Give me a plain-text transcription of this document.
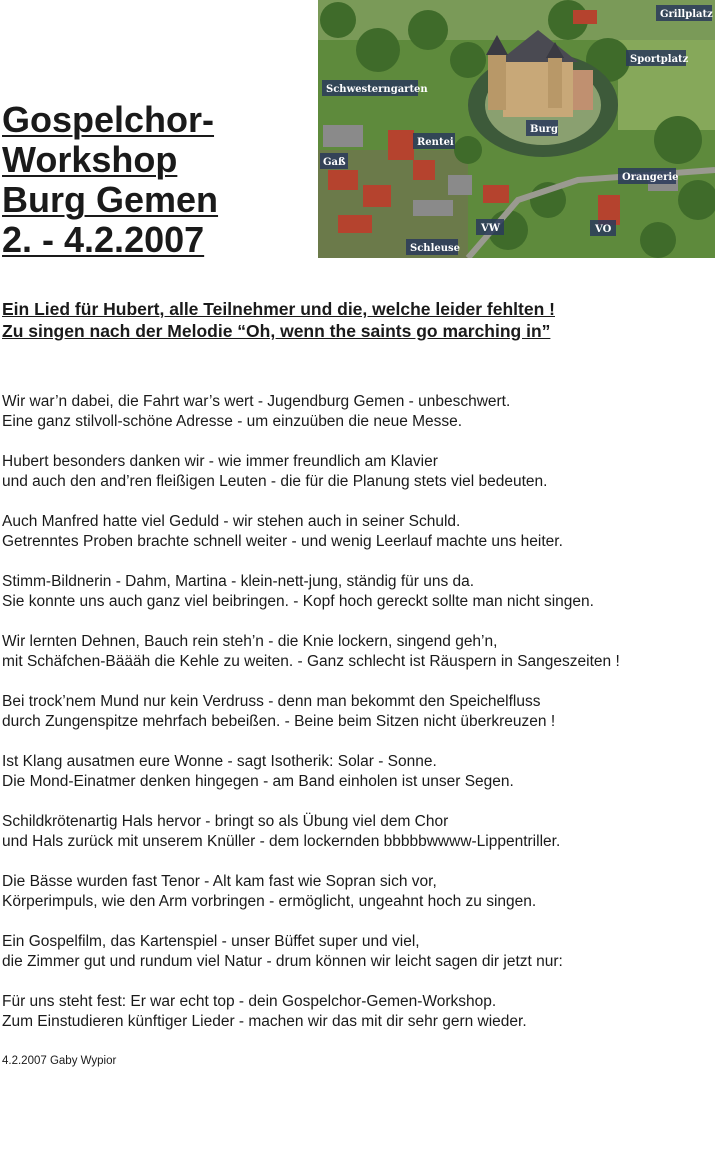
Gospelchor-
Workshop
Burg Gemen
2. - 4.2.2007
Grillplatz
Sportplatz
Schwesterngarten
Rentei
Burg
Gaß
Orangerie
VW	VO
Schleuse
Ein Lied für Hubert, alle Teilnehmer und die, welche leider fehlten !
Zu singen nach der Melodie “Oh, wenn the saints go marching in”
Wir war’n dabei, die Fahrt war’s wert - Jugendburg Gemen - unbeschwert.
Eine ganz stilvoll-schöne Adresse - um einzuüben die neue Messe.
Hubert besonders danken wir - wie immer freundlich am Klavier
und auch den and’ren fleißigen Leuten - die für die Planung stets viel bedeuten.
Auch Manfred hatte viel Geduld - wir stehen auch in seiner Schuld.
Getrenntes Proben brachte schnell weiter - und wenig Leerlauf machte uns heiter.
Stimm-Bildnerin - Dahm, Martina - klein-nett-jung, ständig für uns da.
Sie konnte uns auch ganz viel beibringen. - Kopf hoch gereckt sollte man nicht singen.
Wir lernten Dehnen, Bauch rein steh’n - die Knie lockern, singend geh’n,
mit Schäfchen-Bäääh die Kehle zu weiten. - Ganz schlecht ist Räuspern in Sangeszeiten !
Bei trock’nem Mund nur kein Verdruss - denn man bekommt den Speichelfluss
durch Zungenspitze mehrfach bebeißen. - Beine beim Sitzen nicht überkreuzen !
Ist Klang ausatmen eure Wonne - sagt Isotherik: Solar - Sonne.
Die Mond-Einatmer denken hingegen - am Band einholen ist unser Segen.
Schildkrötenartig Hals hervor - bringt so als Übung viel dem Chor
und Hals zurück mit unserem Knüller - dem lockernden bbbbbwwww-Lippentriller.
Die Bässe wurden fast Tenor - Alt kam fast wie Sopran sich vor,
Körperimpuls, wie den Arm vorbringen - ermöglicht, ungeahnt hoch zu singen.
Ein Gospelfilm, das Kartenspiel - unser Büffet super und viel,
die Zimmer gut und rundum viel Natur - drum können wir leicht sagen dir jetzt nur:
Für uns steht fest: Er war echt top - dein Gospelchor-Gemen-Workshop.
Zum Einstudieren künftiger Lieder - machen wir das mit dir sehr gern wieder.
4.2.2007 Gaby Wypior
